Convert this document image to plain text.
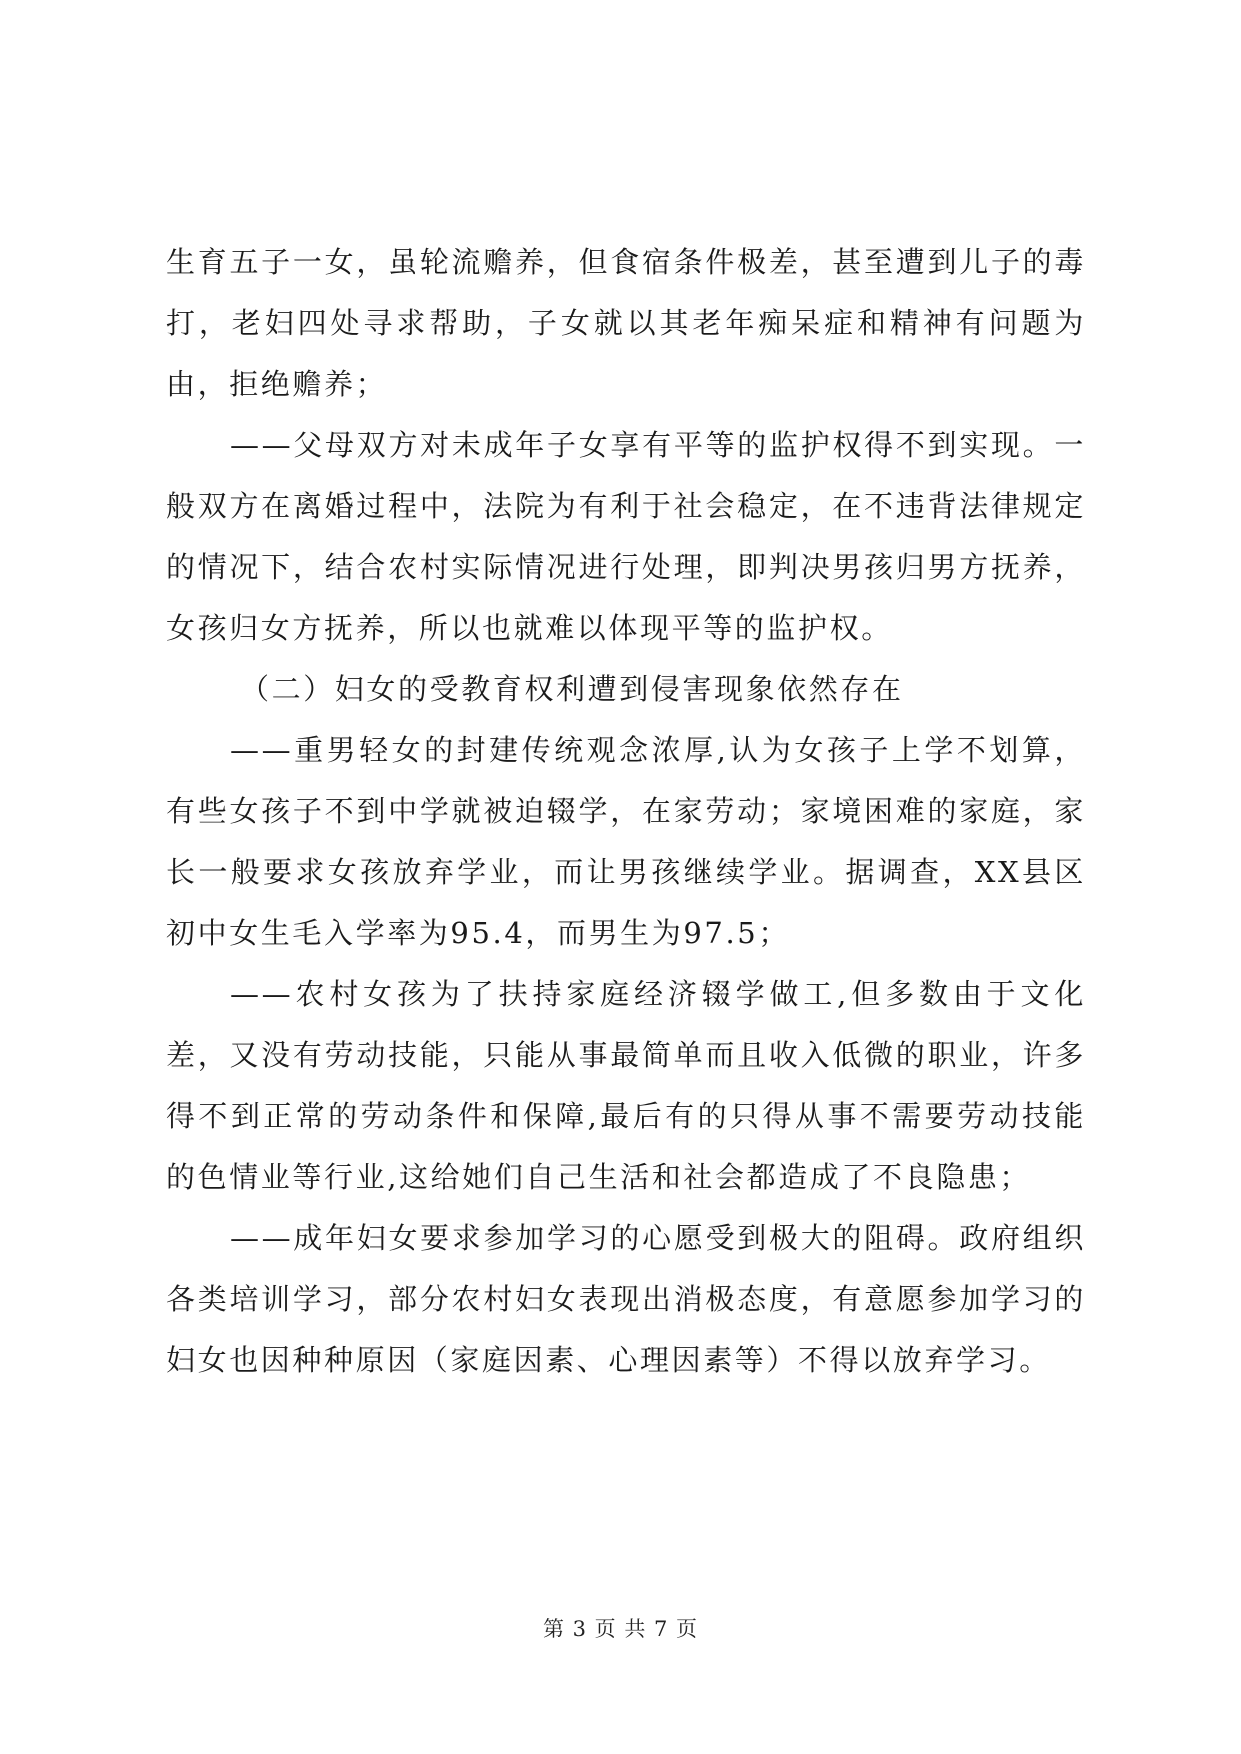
生育五子一女，虽轮流赡养，但食宿条件极差，甚至遭到儿子的毒打，老妇四处寻求帮助，子女就以其老年痴呆症和精神有问题为由，拒绝赡养；

——父母双方对未成年子女享有平等的监护权得不到实现。一般双方在离婚过程中，法院为有利于社会稳定，在不违背法律规定的情况下，结合农村实际情况进行处理，即判决男孩归男方抚养，女孩归女方抚养，所以也就难以体现平等的监护权。

（二）妇女的受教育权利遭到侵害现象依然存在

——重男轻女的封建传统观念浓厚,认为女孩子上学不划算，有些女孩子不到中学就被迫辍学，在家劳动；家境困难的家庭，家长一般要求女孩放弃学业，而让男孩继续学业。据调查，XX县区初中女生毛入学率为95.4，而男生为97.5；

——农村女孩为了扶持家庭经济辍学做工,但多数由于文化差，又没有劳动技能，只能从事最简单而且收入低微的职业，许多得不到正常的劳动条件和保障,最后有的只得从事不需要劳动技能的色情业等行业,这给她们自己生活和社会都造成了不良隐患；

——成年妇女要求参加学习的心愿受到极大的阻碍。政府组织各类培训学习，部分农村妇女表现出消极态度，有意愿参加学习的妇女也因种种原因（家庭因素、心理因素等）不得以放弃学习。

第 3 页 共 7 页
